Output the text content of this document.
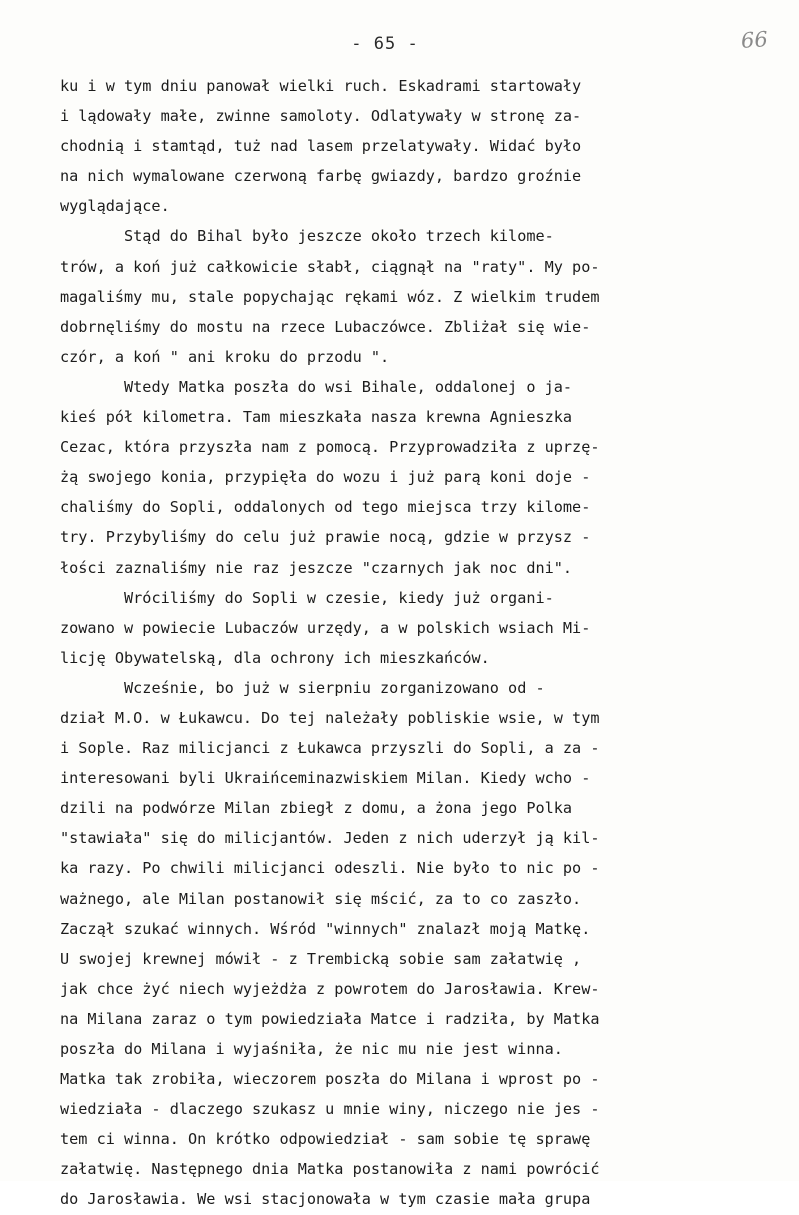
- 65 -	66
ku i w tym dniu panował wielki ruch. Eskadrami startowały
i lądowały małe, zwinne samoloty. Odlatywały w stronę za-
chodnią i stamtąd, tuż nad lasem przelatywały. Widać było
na nich wymalowane czerwoną farbę gwiazdy, bardzo groźnie
wyglądające.
Stąd do Bihal było jeszcze około trzech kilome-
trów, a koń już całkowicie słabł, ciągnął na "raty". My po-
magaliśmy mu, stale popychając rękami wóz. Z wielkim trudem
dobrnęliśmy do mostu na rzece Lubaczówce. Zbliżał się wie-
czór, a koń " ani kroku do przodu ".
Wtedy Matka poszła do wsi Bihale, oddalonej o ja-
kieś pół kilometra. Tam mieszkała nasza krewna Agnieszka
Cezac, która przyszła nam z pomocą. Przyprowadziła z uprzę-
żą swojego konia, przypięła do wozu i już parą koni doje -
chaliśmy do Sopli, oddalonych od tego miejsca trzy kilome-
try. Przybyliśmy do celu już prawie nocą, gdzie w przysz -
łości zaznaliśmy nie raz jeszcze "czarnych jak noc dni".
Wróciliśmy do Sopli w czesie, kiedy już organi-
zowano w powiecie Lubaczów urzędy, a w polskich wsiach Mi-
licję Obywatelską, dla ochrony ich mieszkańców.
Wcześnie, bo już w sierpniu zorganizowano od -
dział M.O. w Łukawcu. Do tej należały pobliskie wsie, w tym
i Sople. Raz milicjanci z Łukawca przyszli do Sopli, a za -
interesowani byli Ukraińceminazwiskiem Milan. Kiedy wcho -
dzili na podwórze Milan zbiegł z domu, a żona jego Polka
"stawiała" się do milicjantów. Jeden z nich uderzył ją kil-
ka razy. Po chwili milicjanci odeszli. Nie było to nic po -
ważnego, ale Milan postanowił się mścić, za to co zaszło.
Zaczął szukać winnych. Wśród "winnych" znalazł moją Matkę.
U swojej krewnej mówił - z Trembicką sobie sam załatwię ,
jak chce żyć niech wyjeżdża z powrotem do Jarosławia. Krew-
na Milana zaraz o tym powiedziała Matce i radziła, by Matka
poszła do Milana i wyjaśniła, że nic mu nie jest winna.
Matka tak zrobiła, wieczorem poszła do Milana i wprost po -
wiedziała - dlaczego szukasz u mnie winy, niczego nie jes -
tem ci winna. On krótko odpowiedział - sam sobie tę sprawę
załatwię. Następnego dnia Matka postanowiła z nami powrócić
do Jarosławia. We wsi stacjonowała w tym czasie mała grupa
